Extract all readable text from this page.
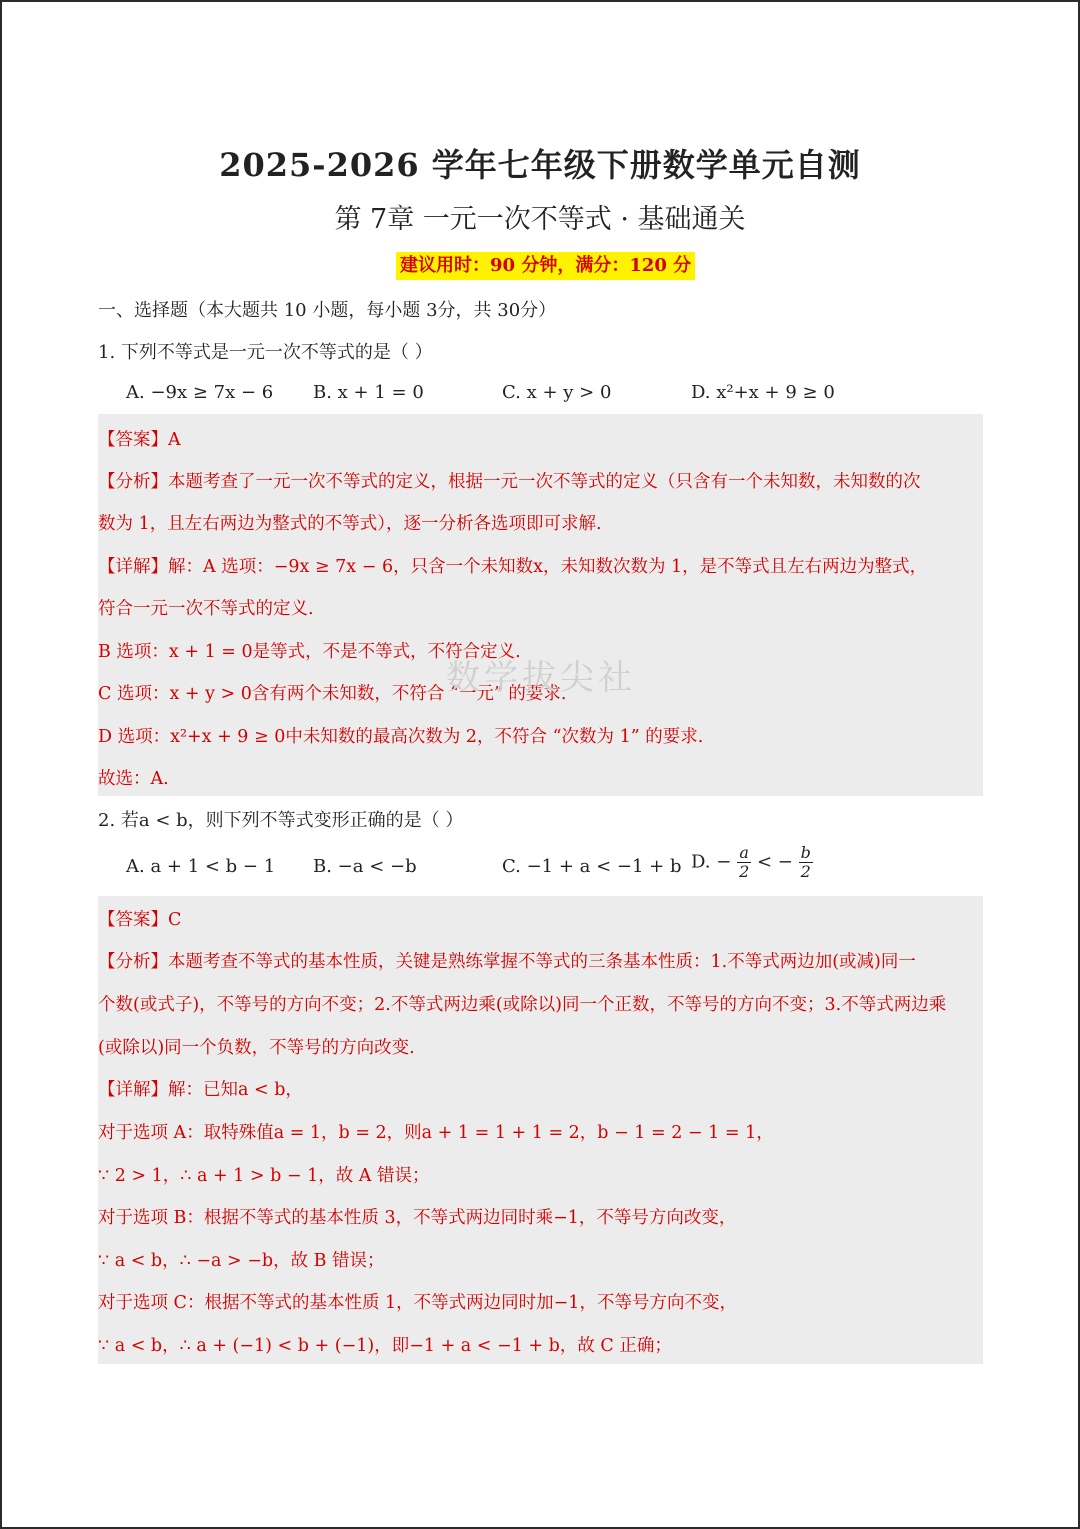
2025-2026 学年七年级下册数学单元自测
第 7章 一元一次不等式 · 基础通关
建议用时：90 分钟，满分：120 分
一、选择题（本大题共 10 小题，每小题 3分，共 30分）
1. 下列不等式是一元一次不等式的是（ ）
A. −9x ≥ 7x − 6 B. x + 1 = 0	C. x + y > 0	D. x²+x + 9 ≥ 0
【答案】A
【分析】本题考查了一元一次不等式的定义，根据一元一次不等式的定义（只含有一个未知数，未知数的次
数为 1，且左右两边为整式的不等式），逐一分析各选项即可求解.
【详解】解：A 选项：−9x ≥ 7x − 6，只含一个未知数x，未知数次数为 1，是不等式且左右两边为整式，
符合一元一次不等式的定义.
B 选项：x + 1 = 0是等式，不是不等式，不符合定义.
C 选项：x + y > 0含有两个未知数，不符合 “一元” 的要求.
D 选项：x²+x + 9 ≥ 0中未知数的最高次数为 2，不符合 “次数为 1” 的要求.
故选：A.
数学拔尖社
2. 若a < b，则下列不等式变形正确的是（ ）
A. a + 1 < b − 1 B. −a < −b	C. −1 + a < −1 + b D. − $\frac{a}{2}$ < − $\frac{b}{2}$
【答案】C
【分析】本题考查不等式的基本性质，关键是熟练掌握不等式的三条基本性质：1.不等式两边加(或减)同一
个数(或式子)，不等号的方向不变；2.不等式两边乘(或除以)同一个正数，不等号的方向不变；3.不等式两边乘
(或除以)同一个负数，不等号的方向改变.
【详解】解：已知a < b，
对于选项 A：取特殊值a = 1，b = 2，则a + 1 = 1 + 1 = 2，b − 1 = 2 − 1 = 1，
∵ 2 > 1，∴ a + 1 > b − 1，故 A 错误；
对于选项 B：根据不等式的基本性质 3，不等式两边同时乘−1，不等号方向改变，
∵ a < b，∴ −a > −b，故 B 错误；
对于选项 C：根据不等式的基本性质 1，不等式两边同时加−1，不等号方向不变，
∵ a < b，∴ a + (−1) < b + (−1)，即−1 + a < −1 + b，故 C 正确；
